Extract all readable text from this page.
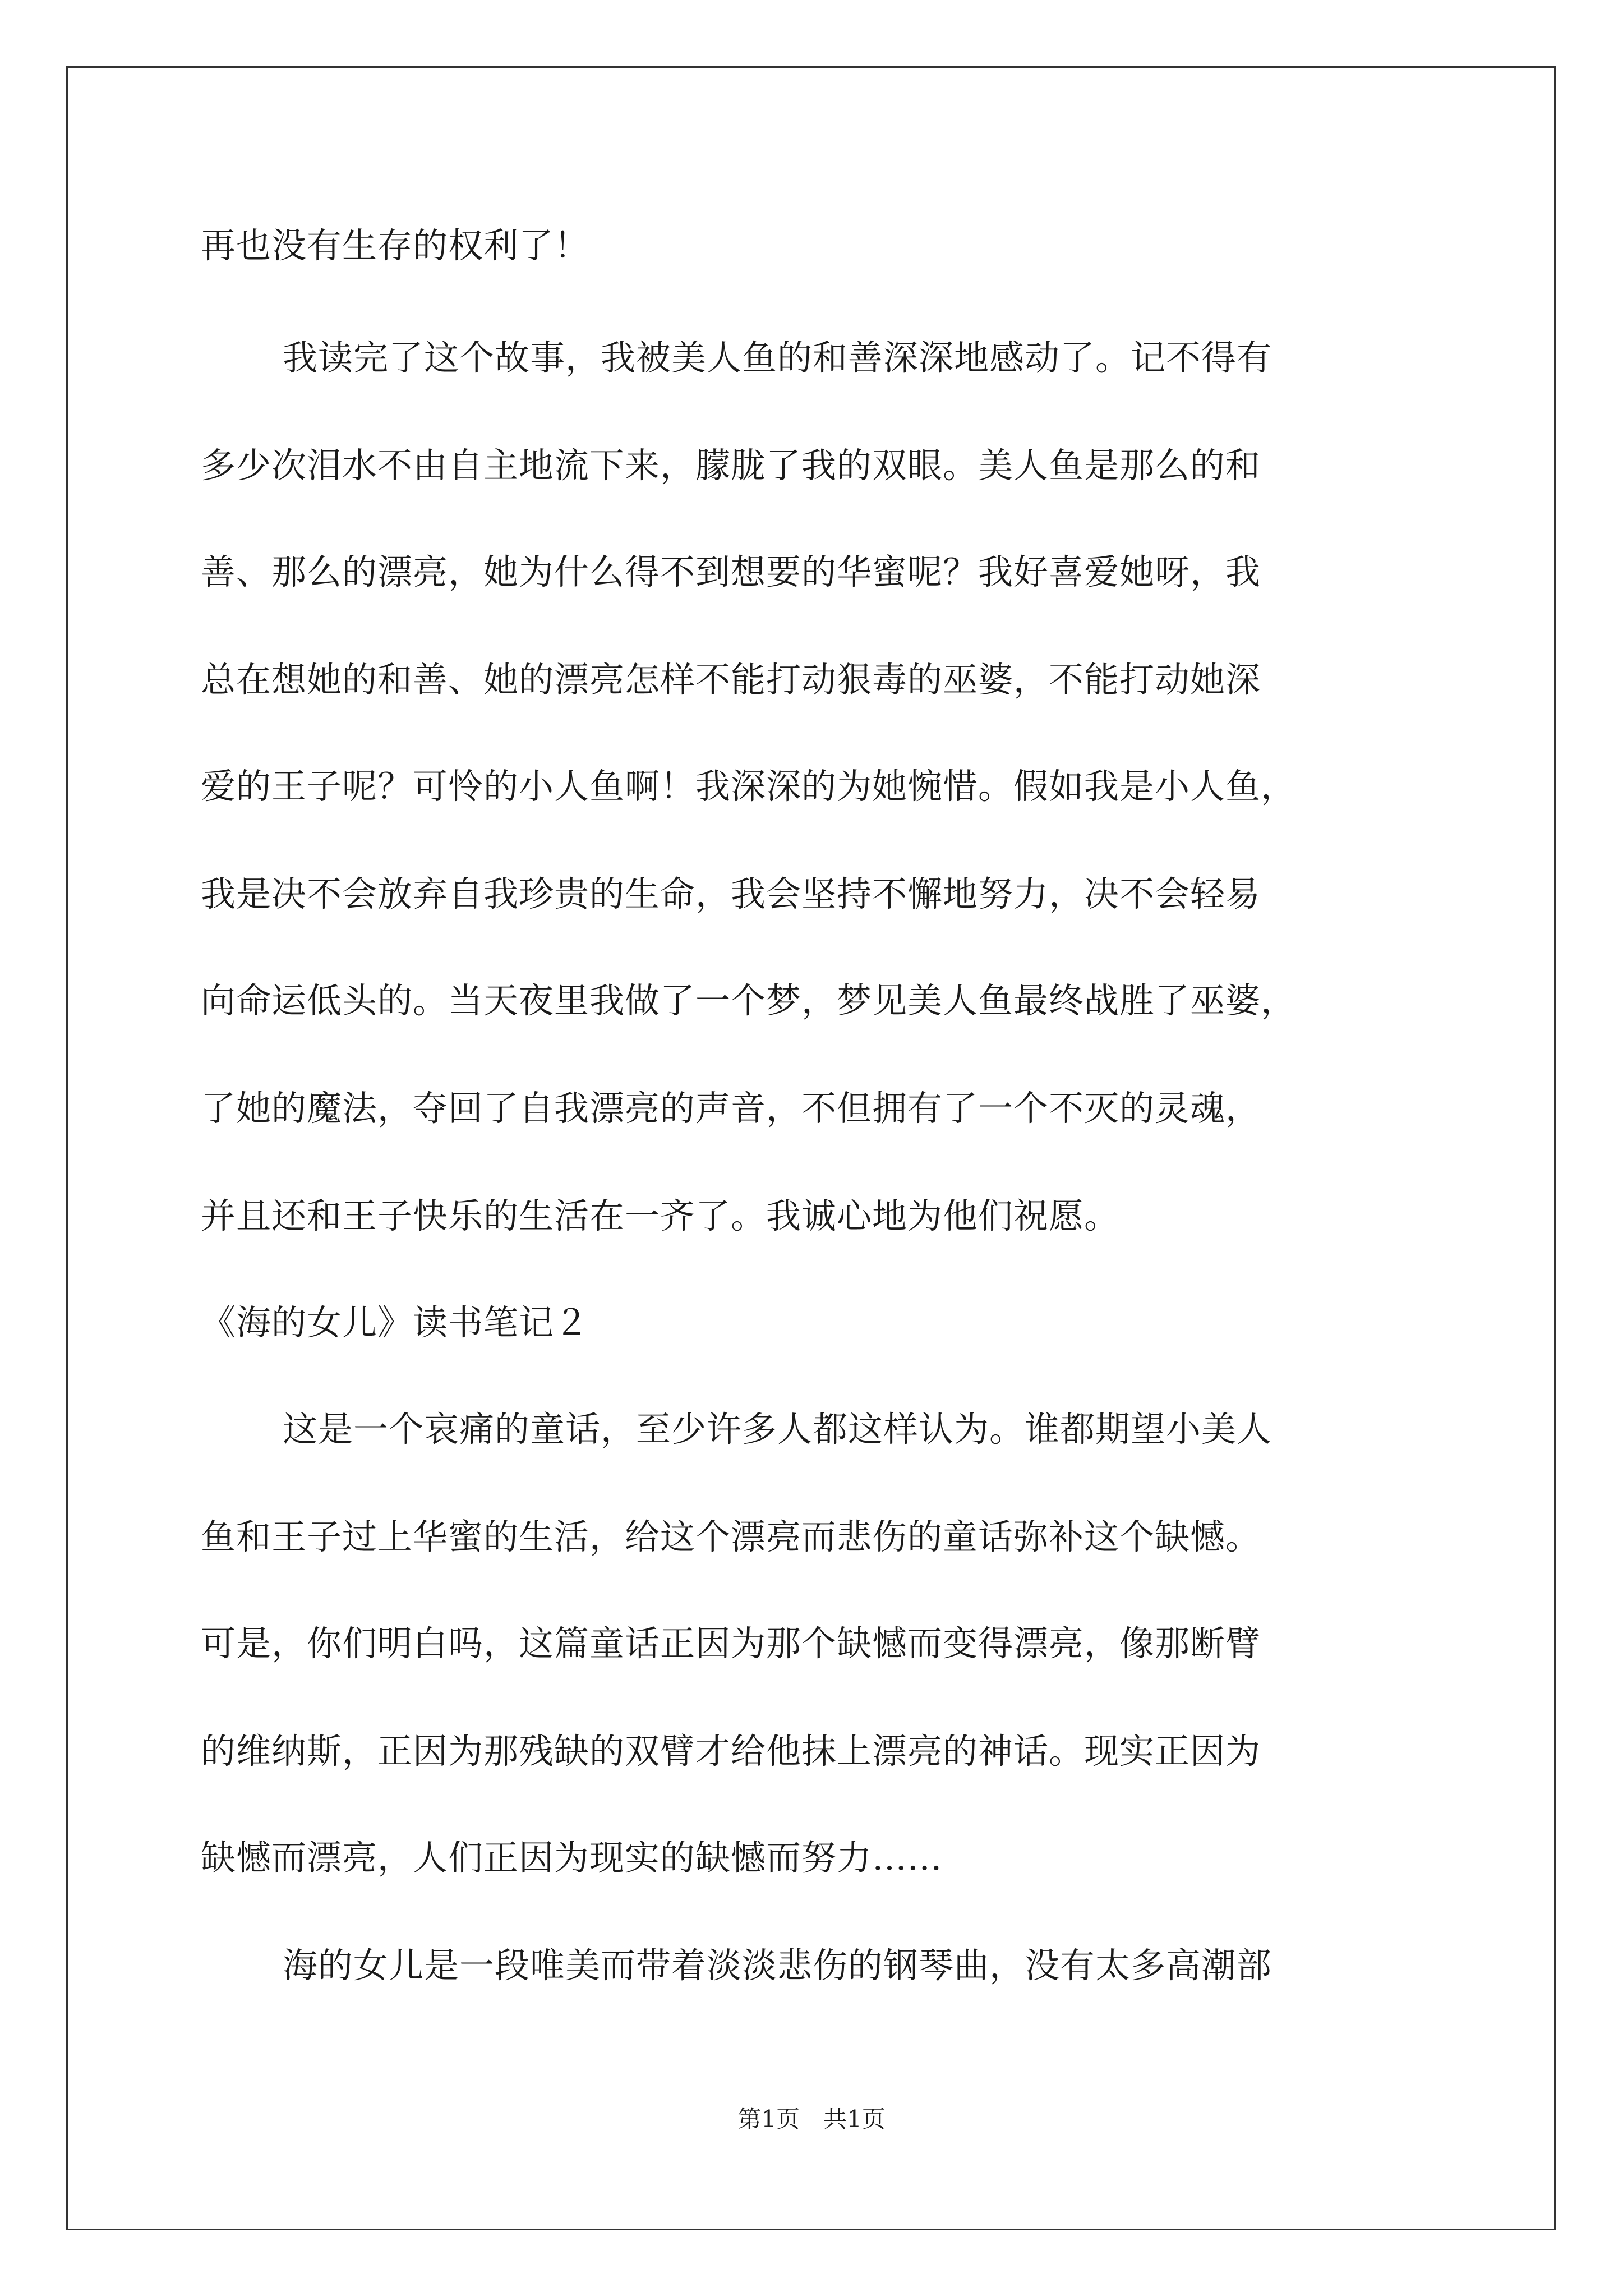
再也没有生存的权利了！
我读完了这个故事，我被美人鱼的和善深深地感动了。记不得有
多少次泪水不由自主地流下来，朦胧了我的双眼。美人鱼是那么的和
善、那么的漂亮，她为什么得不到想要的华蜜呢？我好喜爱她呀，我
总在想她的和善、她的漂亮怎样不能打动狠毒的巫婆，不能打动她深
爱的王子呢？可怜的小人鱼啊！我深深的为她惋惜。假如我是小人鱼，
我是决不会放弃自我珍贵的生命，我会坚持不懈地努力，决不会轻易
向命运低头的。当天夜里我做了一个梦，梦见美人鱼最终战胜了巫婆，
了她的魔法，夺回了自我漂亮的声音，不但拥有了一个不灭的灵魂，
并且还和王子快乐的生活在一齐了。我诚心地为他们祝愿。
《海的女儿》读书笔记２
这是一个哀痛的童话，至少许多人都这样认为。谁都期望小美人
鱼和王子过上华蜜的生活，给这个漂亮而悲伤的童话弥补这个缺憾。
可是，你们明白吗，这篇童话正因为那个缺憾而变得漂亮，像那断臂
的维纳斯，正因为那残缺的双臂才给他抹上漂亮的神话。现实正因为
缺憾而漂亮，人们正因为现实的缺憾而努力…...
海的女儿是一段唯美而带着淡淡悲伤的钢琴曲，没有太多高潮部
第1页　共1页
